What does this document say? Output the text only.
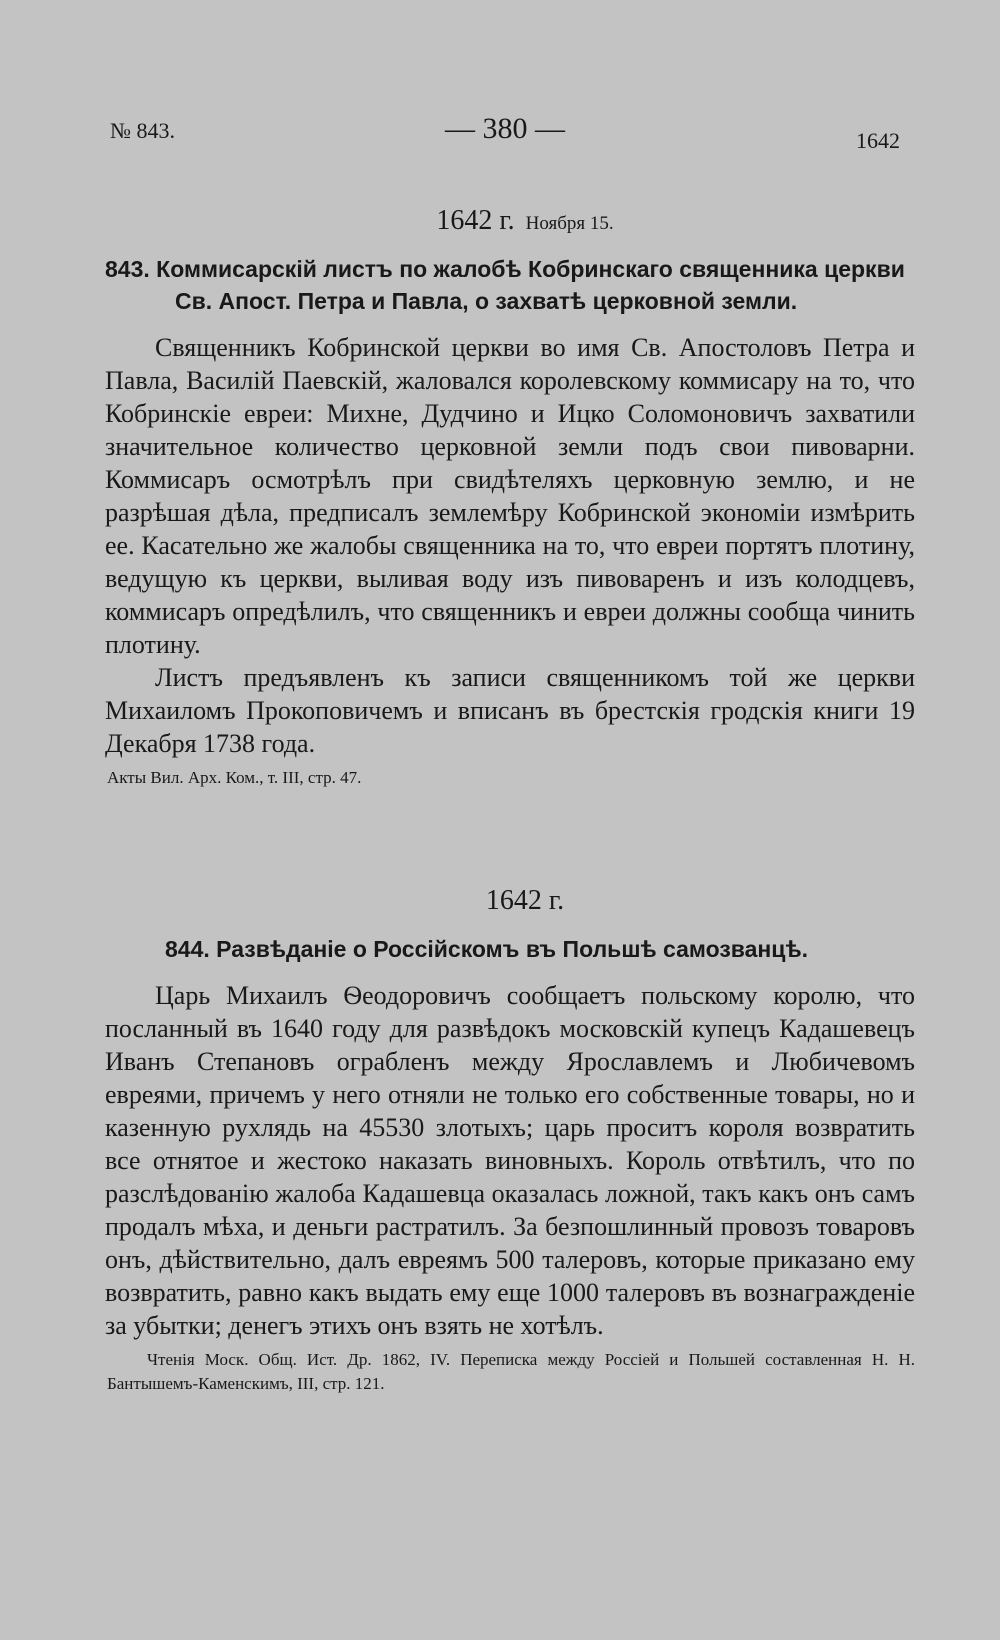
№ 843.	— 380 —	1642
1642 г. Ноября 15.
843. Коммисарскій листъ по жалобѣ Кобринскаго священника церкви Св. Апост. Петра и Павла, о захватѣ церковной земли.

Священникъ Кобринской церкви во имя Св. Апостоловъ Петра и Павла, Василій Паевскій, жаловался королевскому коммисару на то, что Кобринскіе евреи: Михне, Дудчино и Ицко Соломоновичъ захватили значительное количество церковной земли подъ свои пивоварни. Коммисаръ осмотрѣлъ при свидѣтеляхъ церковную землю, и не разрѣшая дѣла, предписалъ землемѣру Кобринской экономіи измѣрить ее. Касательно же жалобы священника на то, что евреи портятъ плотину, ведущую къ церкви, выливая воду изъ пивоваренъ и изъ колодцевъ, коммисаръ опредѣлилъ, что священникъ и евреи должны сообща чинить плотину.

Листъ предъявленъ къ записи священникомъ той же церкви Михаиломъ Прокоповичемъ и вписанъ въ брестскія гродскія книги 19 Декабря 1738 года.

Акты Вил. Арх. Ком., т. III, стр. 47.
1642 г.
844. Развѣданіе о Россійскомъ въ Польшѣ самозванцѣ.

Царь Михаилъ Ѳеодоровичъ сообщаетъ польскому королю, что посланный въ 1640 году для развѣдокъ московскій купецъ Кадашевецъ Иванъ Степановъ ограбленъ между Ярославлемъ и Любичевомъ евреями, причемъ у него отняли не только его собственные товары, но и казенную рухлядь на 45530 злотыхъ; царь проситъ короля возвратить все отнятое и жестоко наказать виновныхъ. Король отвѣтилъ, что по разслѣдованію жалоба Кадашевца оказалась ложной, такъ какъ онъ самъ продалъ мѣха, и деньги растратилъ. За безпошлинный провозъ товаровъ онъ, дѣйствительно, далъ евреямъ 500 талеровъ, которые приказано ему возвратить, равно какъ выдать ему еще 1000 талеровъ въ вознагражденіе за убытки; денегъ этихъ онъ взять не хотѣлъ.

Чтенія Моск. Общ. Ист. Др. 1862, IV. Переписка между Россіей и Польшей составленная Н. Н. Бантышемъ-Каменскимъ, III, стр. 121.
